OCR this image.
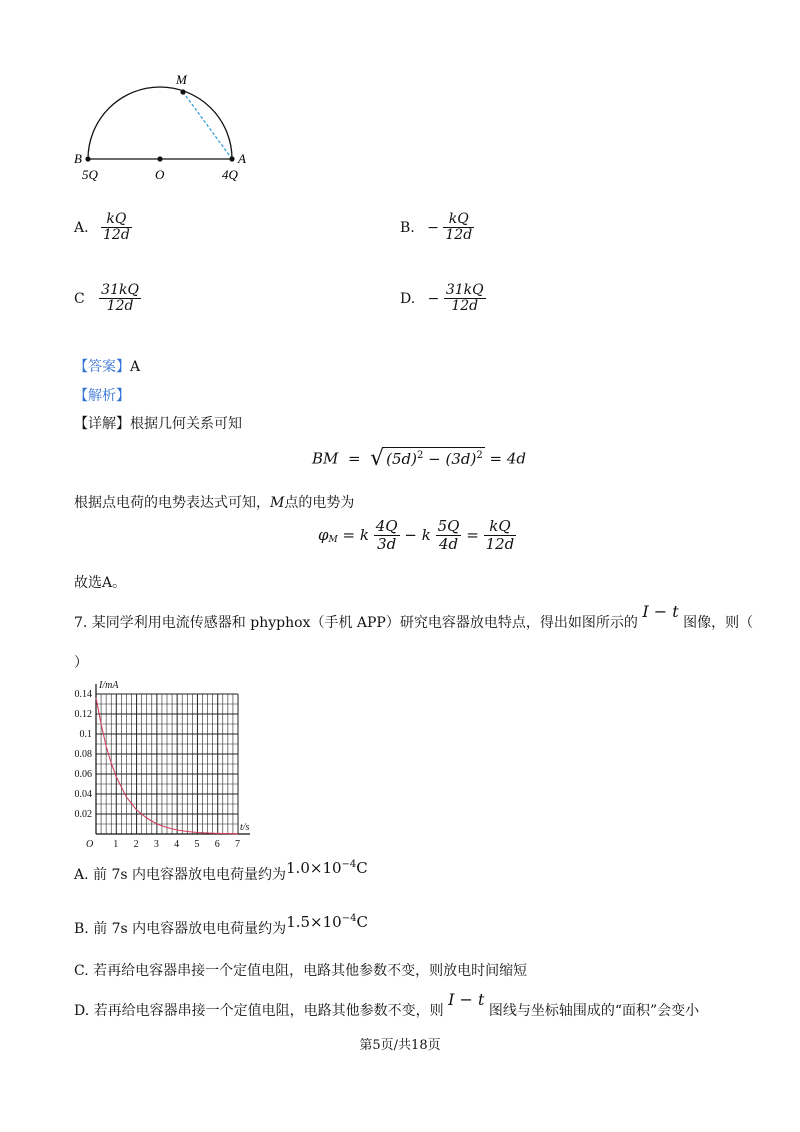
M
B	A
O
5Q	4Q
A. $\frac{kQ}{12d}$	B. − $\frac{kQ}{12d}$
C $\frac{31kQ}{12d}$	D. − $\frac{31kQ}{12d}$
【答案】A
【解析】
【详解】根据几何关系可知
BM  =  √ $(5d)^2 - (3d)^2 = 4d$
根据点电荷的电势表达式可知，M点的电势为
$\varphi_M = k \frac{4Q}{3d} - k \frac{5Q}{4d} = \frac{kQ}{12d}$
故选A。
7. 某同学利用电流传感器和 phyphox（手机 APP）研究电容器放电特点，得出如图所示的 I − t 图像，则（
）
I/mA
t/s
O 1 2 3 4 5 6 7
0.02
0.04
0.06
0.08
0.1
0.12
0.14
A. 前 7s 内电容器放电电荷量约为$1.0\times 10^{-4}C$
B. 前 7s 内电容器放电电荷量约为$1.5\times 10^{-4}C$
C. 若再给电容器串接一个定值电阻，电路其他参数不变，则放电时间缩短
D. 若再给电容器串接一个定值电阻，电路其他参数不变，则 I − t 图线与坐标轴围成的“面积”会变小
第5页/共18页
